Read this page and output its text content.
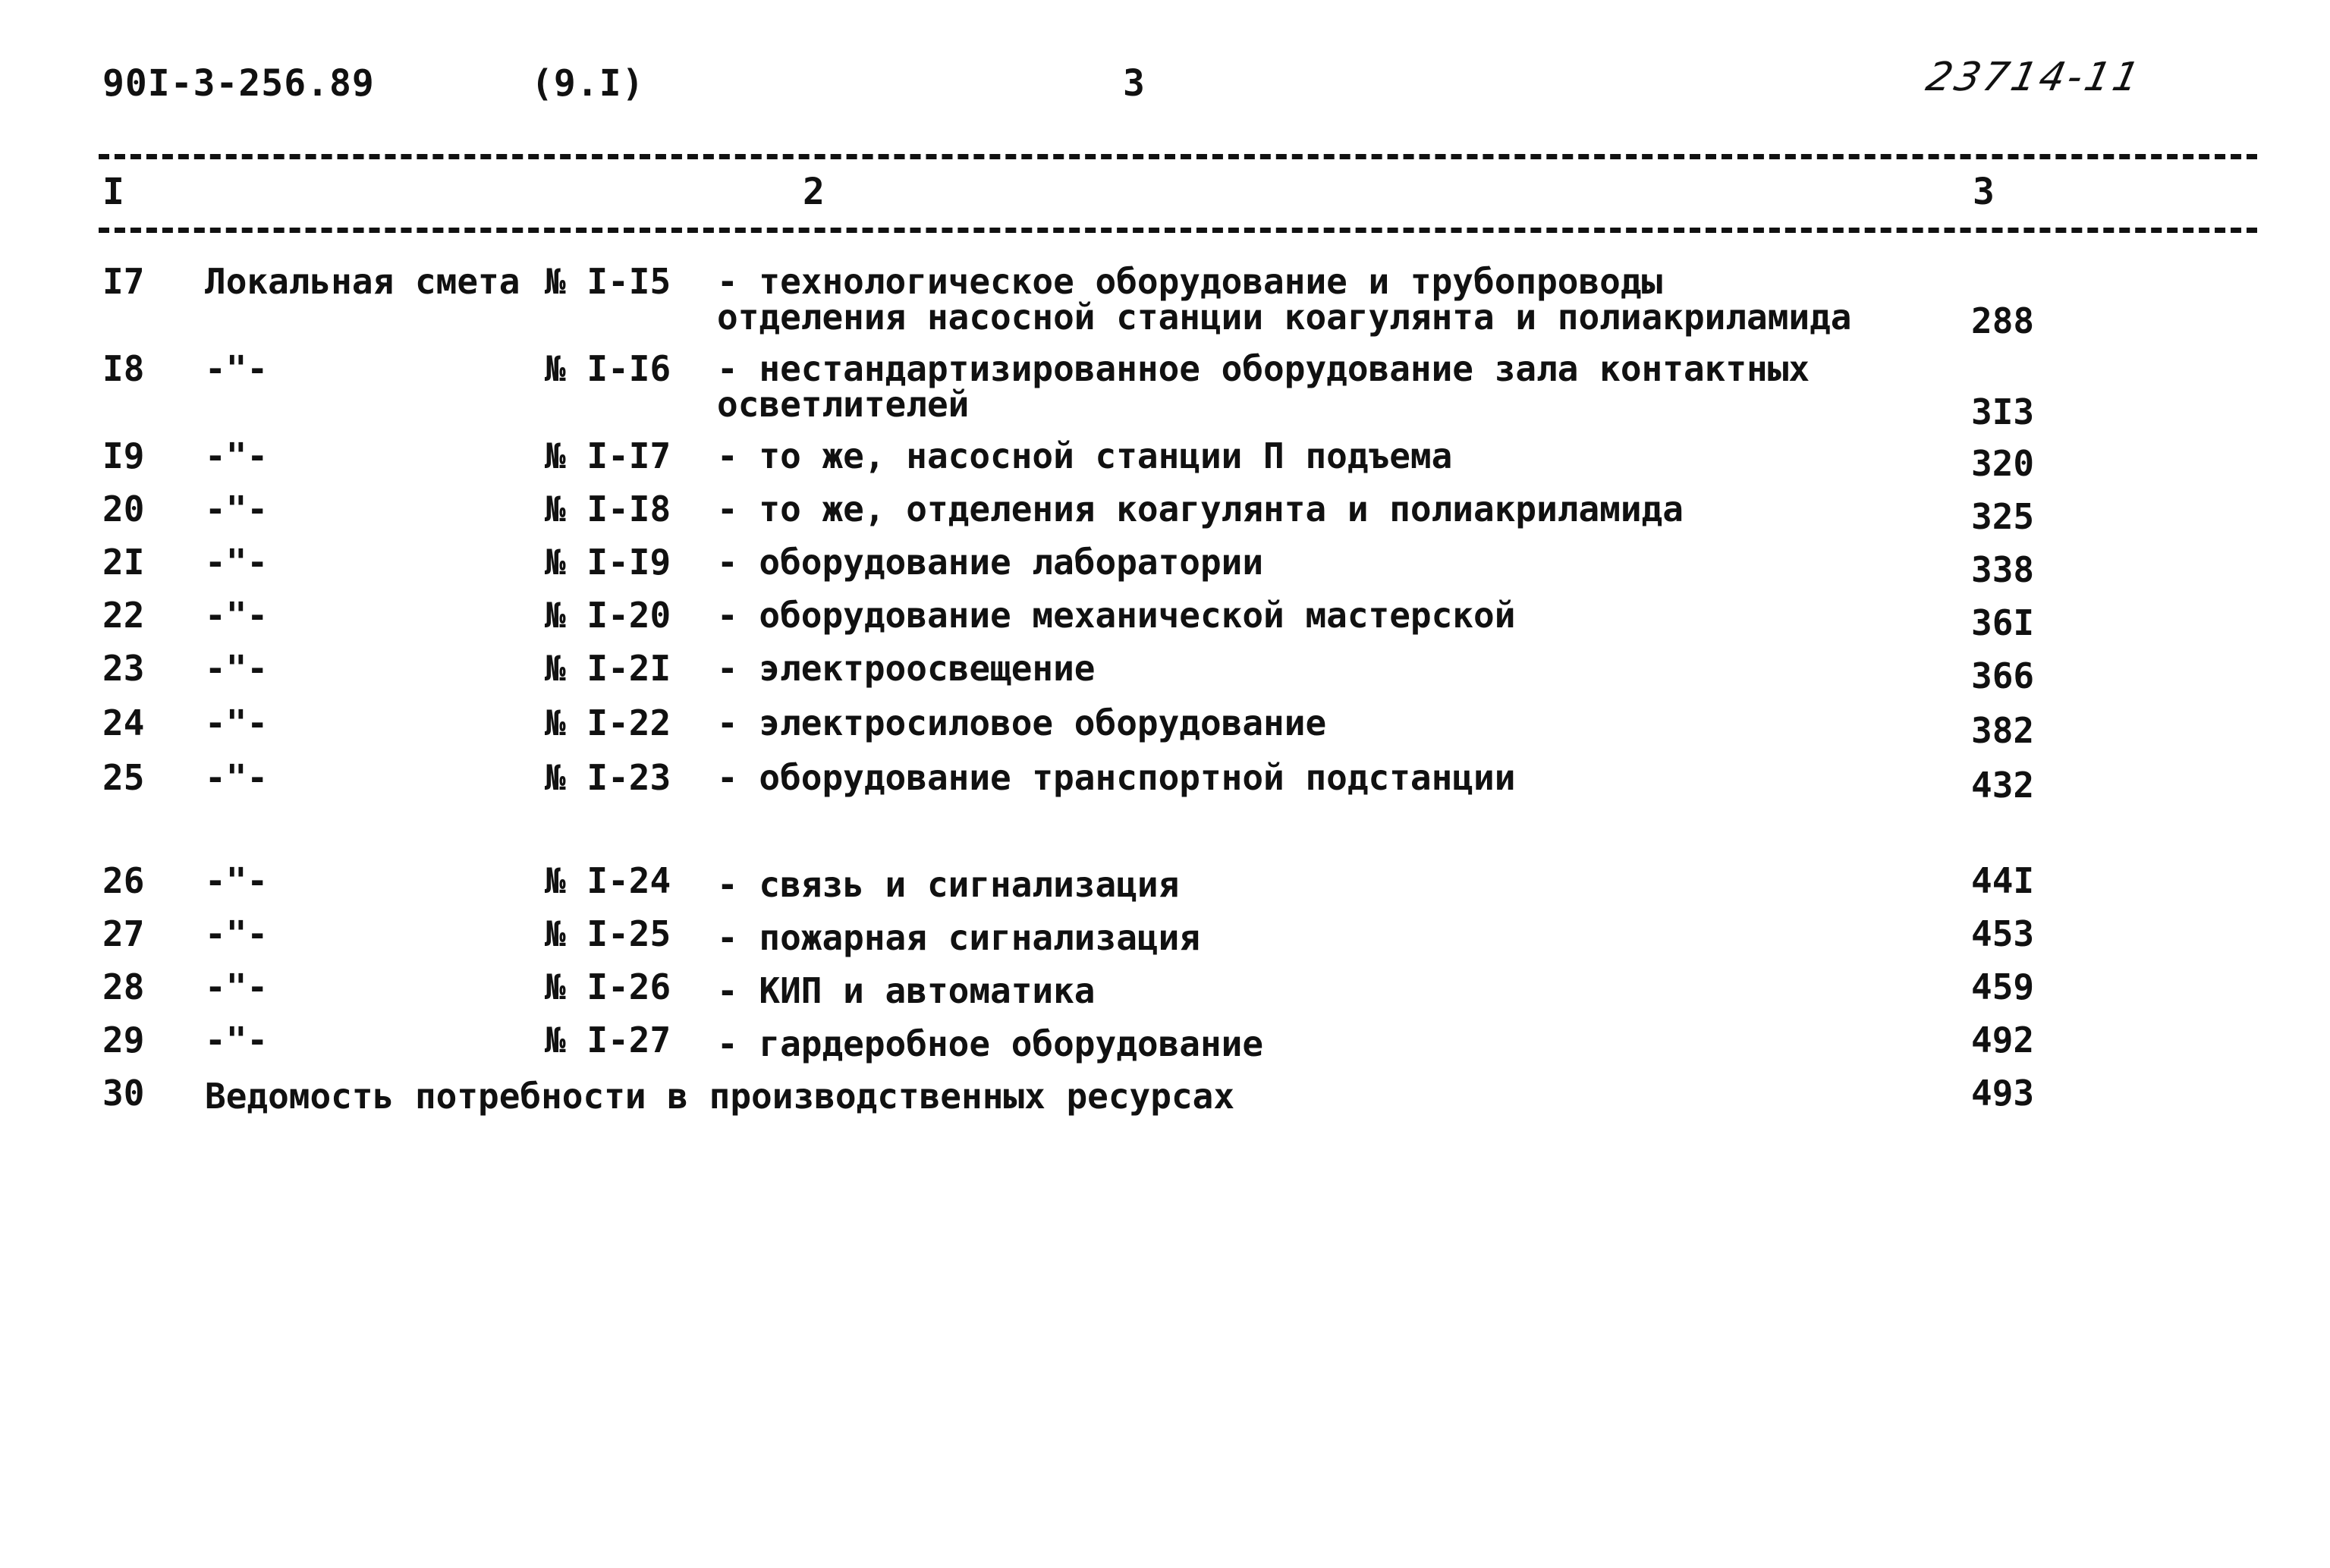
90I-3-256.89	(9.I)	3	23714-11
I	2	3
I7 Локальная смета № I-I5 - технологическое оборудование и трубопроводы
отделения насосной станции коагулянта и полиакриламида	288
I8 -"-	№ I-I6 - нестандартизированное оборудование зала контактных
осветлителей	3I3
I9 -"-	№ I-I7 - то же, насосной станции П подъема	320
20 -"-	№ I-I8 - то же, отделения коагулянта и полиакриламида	325
2I -"-	№ I-I9 - оборудование лаборатории	338
22 -"-	№ I-20 - оборудование механической мастерской	36I
23 -"-	№ I-2I - электроосвещение	366
24 -"-	№ I-22 - электросиловое оборудование	382
25 -"-	№ I-23 - оборудование транспортной подстанции	432
26 -"-	№ I-24 - связь и сигнализация	44I
27 -"-	№ I-25 - пожарная сигнализация	453
28 -"-	№ I-26 - КИП и автоматика	459
29 -"-	№ I-27 - гардеробное оборудование	492
30 Ведомость потребности в производственных ресурсах	493
